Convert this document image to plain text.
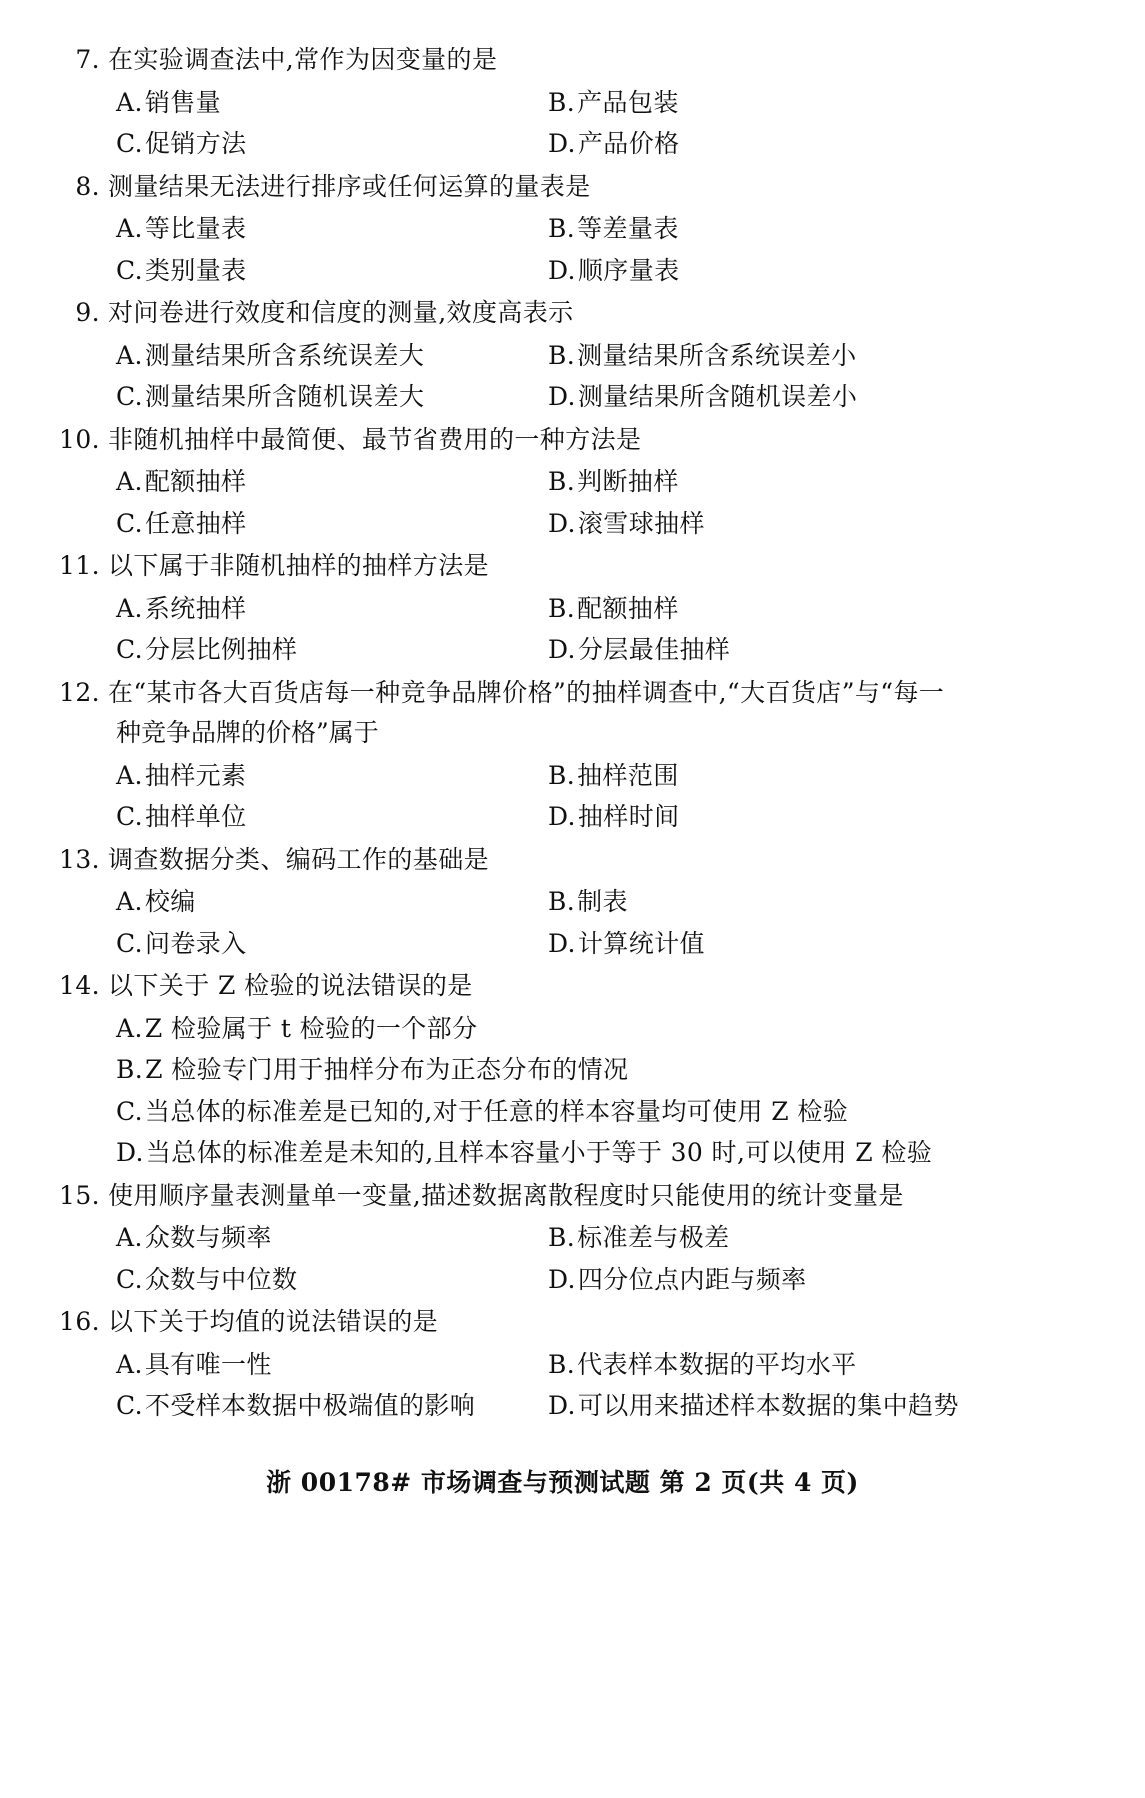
7. 在实验调查法中,常作为因变量的是
A. 销售量	B. 产品包装
C. 促销方法	D. 产品价格
8. 测量结果无法进行排序或任何运算的量表是
A. 等比量表	B. 等差量表
C. 类别量表	D. 顺序量表
9. 对问卷进行效度和信度的测量,效度高表示
A. 测量结果所含系统误差大	B. 测量结果所含系统误差小
C. 测量结果所含随机误差大	D. 测量结果所含随机误差小
10. 非随机抽样中最简便、最节省费用的一种方法是
A. 配额抽样	B. 判断抽样
C. 任意抽样	D. 滚雪球抽样
11. 以下属于非随机抽样的抽样方法是
A. 系统抽样	B. 配额抽样
C. 分层比例抽样	D. 分层最佳抽样
12. 在“某市各大百货店每一种竞争品牌价格”的抽样调查中,“大百货店”与“每一
种竞争品牌的价格”属于
A. 抽样元素	B. 抽样范围
C. 抽样单位	D. 抽样时间
13. 调查数据分类、编码工作的基础是
A. 校编	B. 制表
C. 问卷录入	D. 计算统计值
14. 以下关于 Z 检验的说法错误的是
A. Z 检验属于 t 检验的一个部分
B. Z 检验专门用于抽样分布为正态分布的情况
C. 当总体的标准差是已知的,对于任意的样本容量均可使用 Z 检验
D. 当总体的标准差是未知的,且样本容量小于等于 30 时,可以使用 Z 检验
15. 使用顺序量表测量单一变量,描述数据离散程度时只能使用的统计变量是
A. 众数与频率	B. 标准差与极差
C. 众数与中位数	D. 四分位点内距与频率
16. 以下关于均值的说法错误的是
A. 具有唯一性	B. 代表样本数据的平均水平
C. 不受样本数据中极端值的影响	D. 可以用来描述样本数据的集中趋势
浙 00178# 市场调查与预测试题 第 2 页(共 4 页)
